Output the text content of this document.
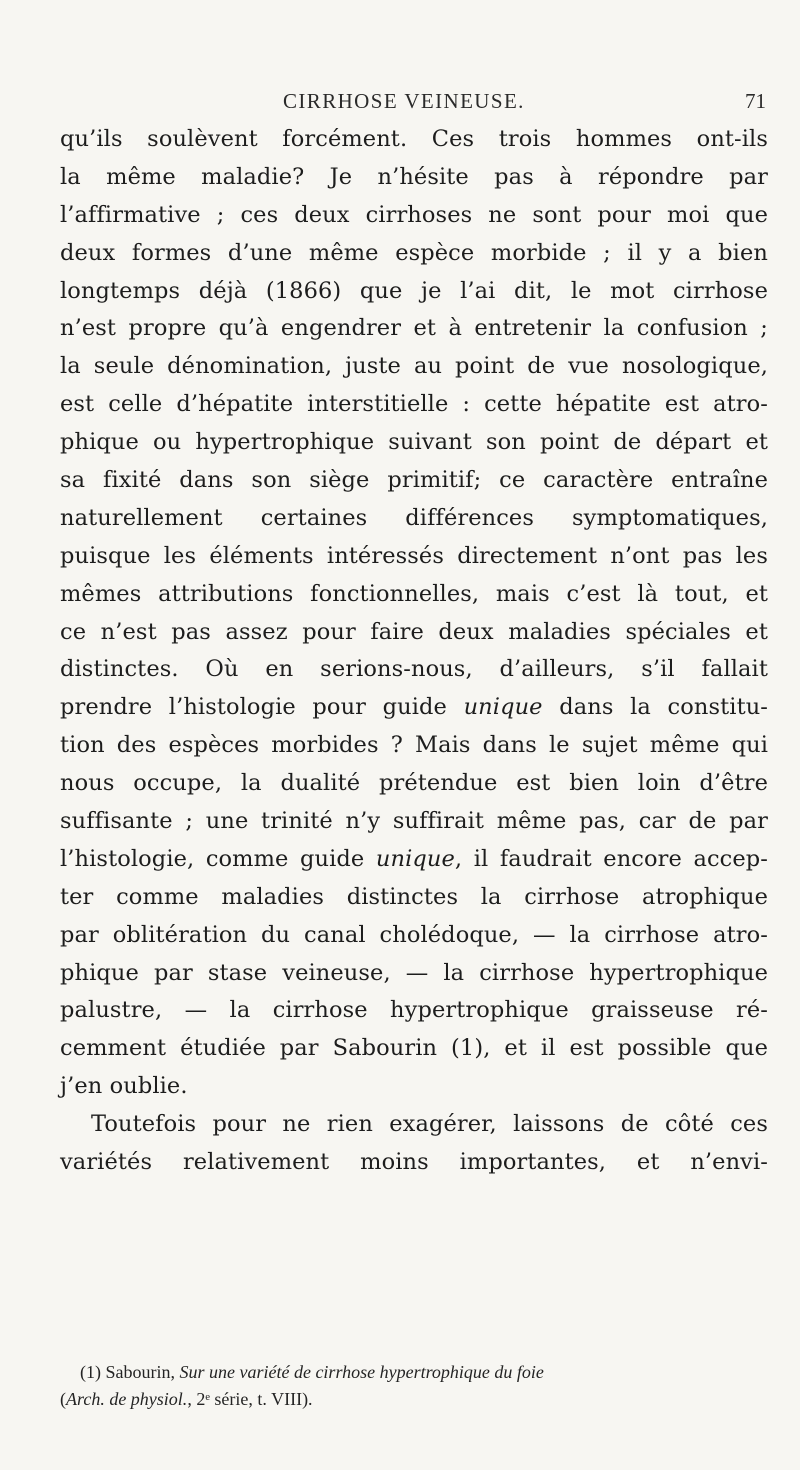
CIRRHOSE VEINEUSE.	71
qu’ils soulèvent forcément. Ces trois hommes ont-ils
la même maladie? Je n’hésite pas à répondre par
l’affirmative ; ces deux cirrhoses ne sont pour moi que
deux formes d’une même espèce morbide ; il y a bien
longtemps déjà (1866) que je l’ai dit, le mot cirrhose
n’est propre qu’à engendrer et à entretenir la confusion ;
la seule dénomination, juste au point de vue nosologique,
est celle d’hépatite interstitielle : cette hépatite est atro-
phique ou hypertrophique suivant son point de départ et
sa fixité dans son siège primitif; ce caractère entraîne
naturellement certaines différences symptomatiques,
puisque les éléments intéressés directement n’ont pas les
mêmes attributions fonctionnelles, mais c’est là tout, et
ce n’est pas assez pour faire deux maladies spéciales et
distinctes. Où en serions-nous, d’ailleurs, s’il fallait
prendre l’histologie pour guide unique dans la constitu-
tion des espèces morbides ? Mais dans le sujet même qui
nous occupe, la dualité prétendue est bien loin d’être
suffisante ; une trinité n’y suffirait même pas, car de par
l’histologie, comme guide unique, il faudrait encore accep-
ter comme maladies distinctes la cirrhose atrophique
par oblitération du canal cholédoque, — la cirrhose atro-
phique par stase veineuse, — la cirrhose hypertrophique
palustre, — la cirrhose hypertrophique graisseuse ré-
cemment étudiée par Sabourin (1), et il est possible que
j’en oublie.
Toutefois pour ne rien exagérer, laissons de côté ces
variétés relativement moins importantes, et n’envi-
(1) Sabourin, Sur une variété de cirrhose hypertrophique du foie
(Arch. de physiol., 2ᵉ série, t. VIII).
